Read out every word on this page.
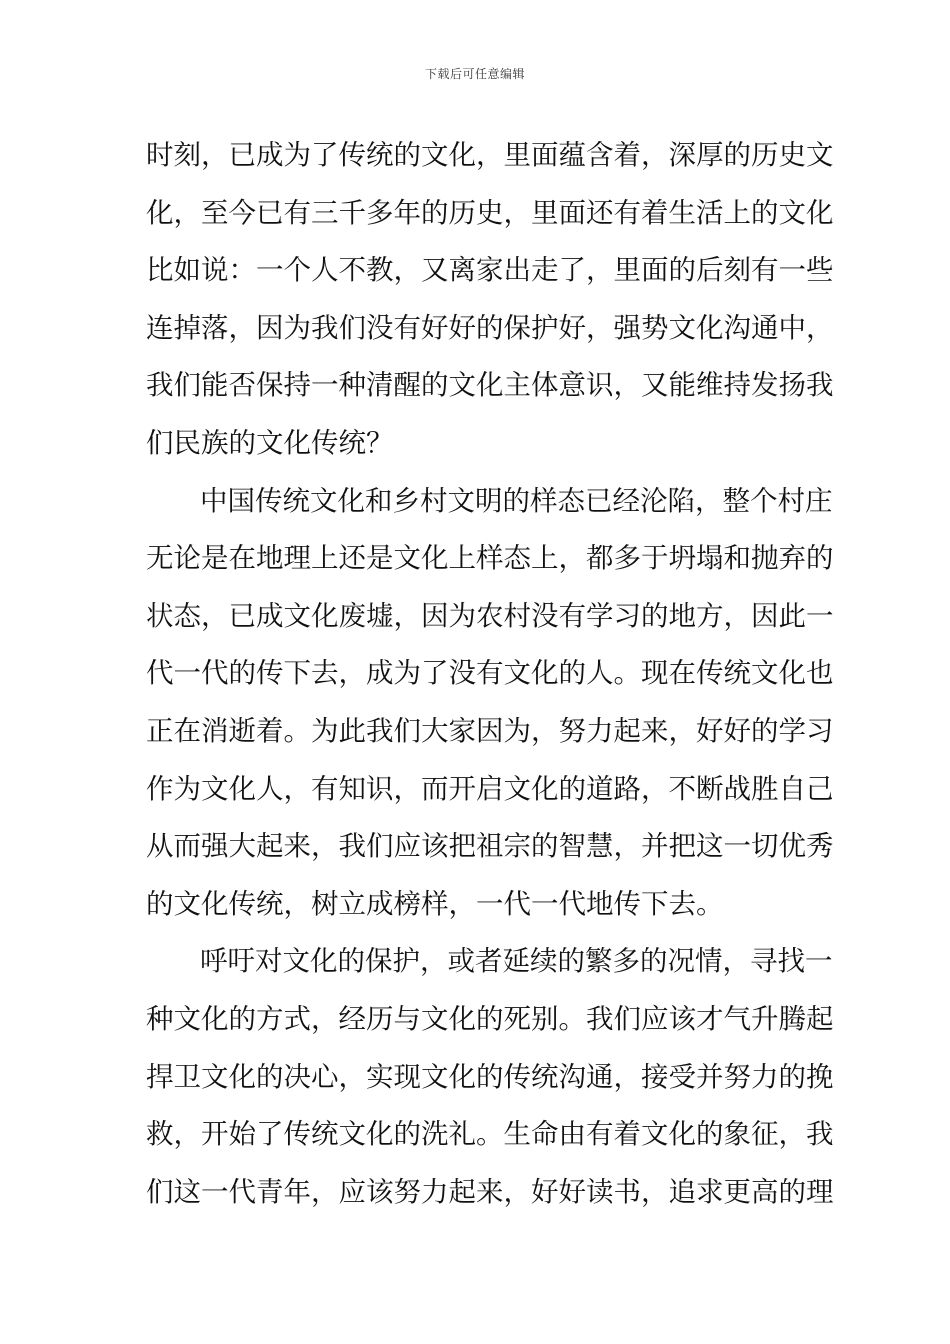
下载后可任意编辑
时刻，已成为了传统的文化，里面蕴含着，深厚的历史文
化，至今已有三千多年的历史，里面还有着生活上的文化
比如说：一个人不教，又离家出走了，里面的后刻有一些
连掉落，因为我们没有好好的保护好，强势文化沟通中，
我们能否保持一种清醒的文化主体意识，又能维持发扬我
们民族的文化传统？
中国传统文化和乡村文明的样态已经沦陷，整个村庄
无论是在地理上还是文化上样态上，都多于坍塌和抛弃的
状态，已成文化废墟，因为农村没有学习的地方，因此一
代一代的传下去，成为了没有文化的人。现在传统文化也
正在消逝着。为此我们大家因为，努力起来，好好的学习
作为文化人，有知识，而开启文化的道路，不断战胜自己
从而强大起来，我们应该把祖宗的智慧，并把这一切优秀
的文化传统，树立成榜样，一代一代地传下去。
呼吁对文化的保护，或者延续的繁多的况情，寻找一
种文化的方式，经历与文化的死别。我们应该才气升腾起
捍卫文化的决心，实现文化的传统沟通，接受并努力的挽
救，开始了传统文化的洗礼。生命由有着文化的象征，我
们这一代青年，应该努力起来，好好读书，追求更高的理
